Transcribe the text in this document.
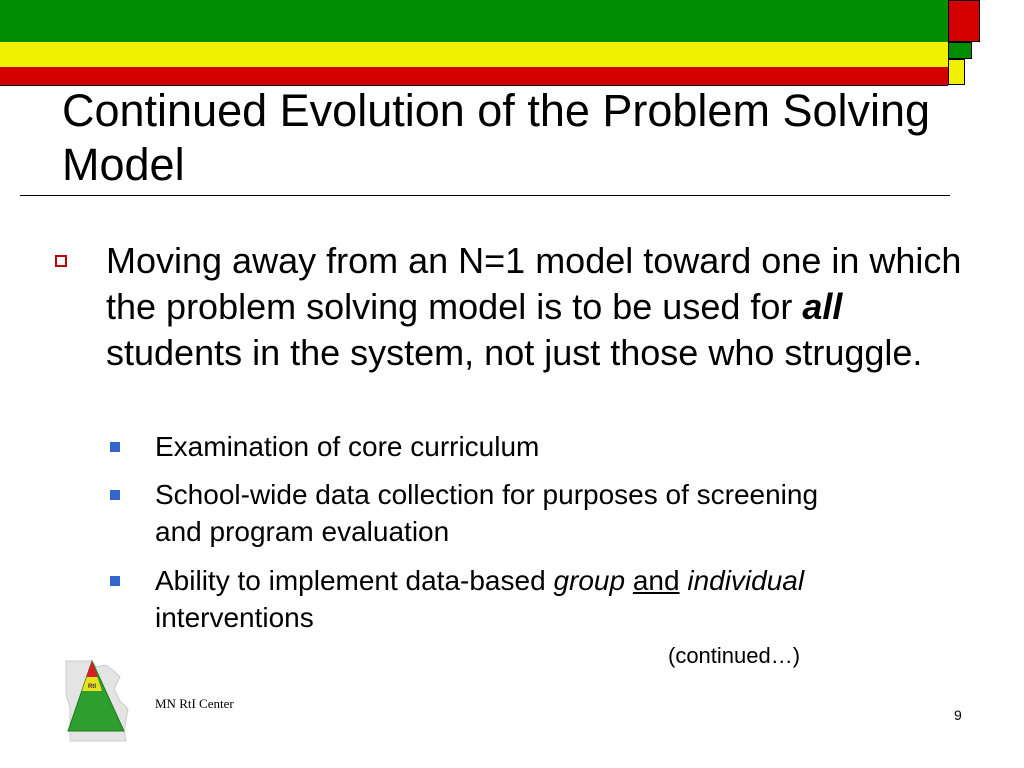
Continued Evolution of the Problem Solving Model
Moving away from an N=1 model toward one in which the problem solving model is to be used for all students in the system, not just those who struggle.
Examination of core curriculum
School-wide data collection for purposes of screening and program evaluation
Ability to implement data-based group and individual interventions
(continued…)
RtI
MN RtI Center
9
